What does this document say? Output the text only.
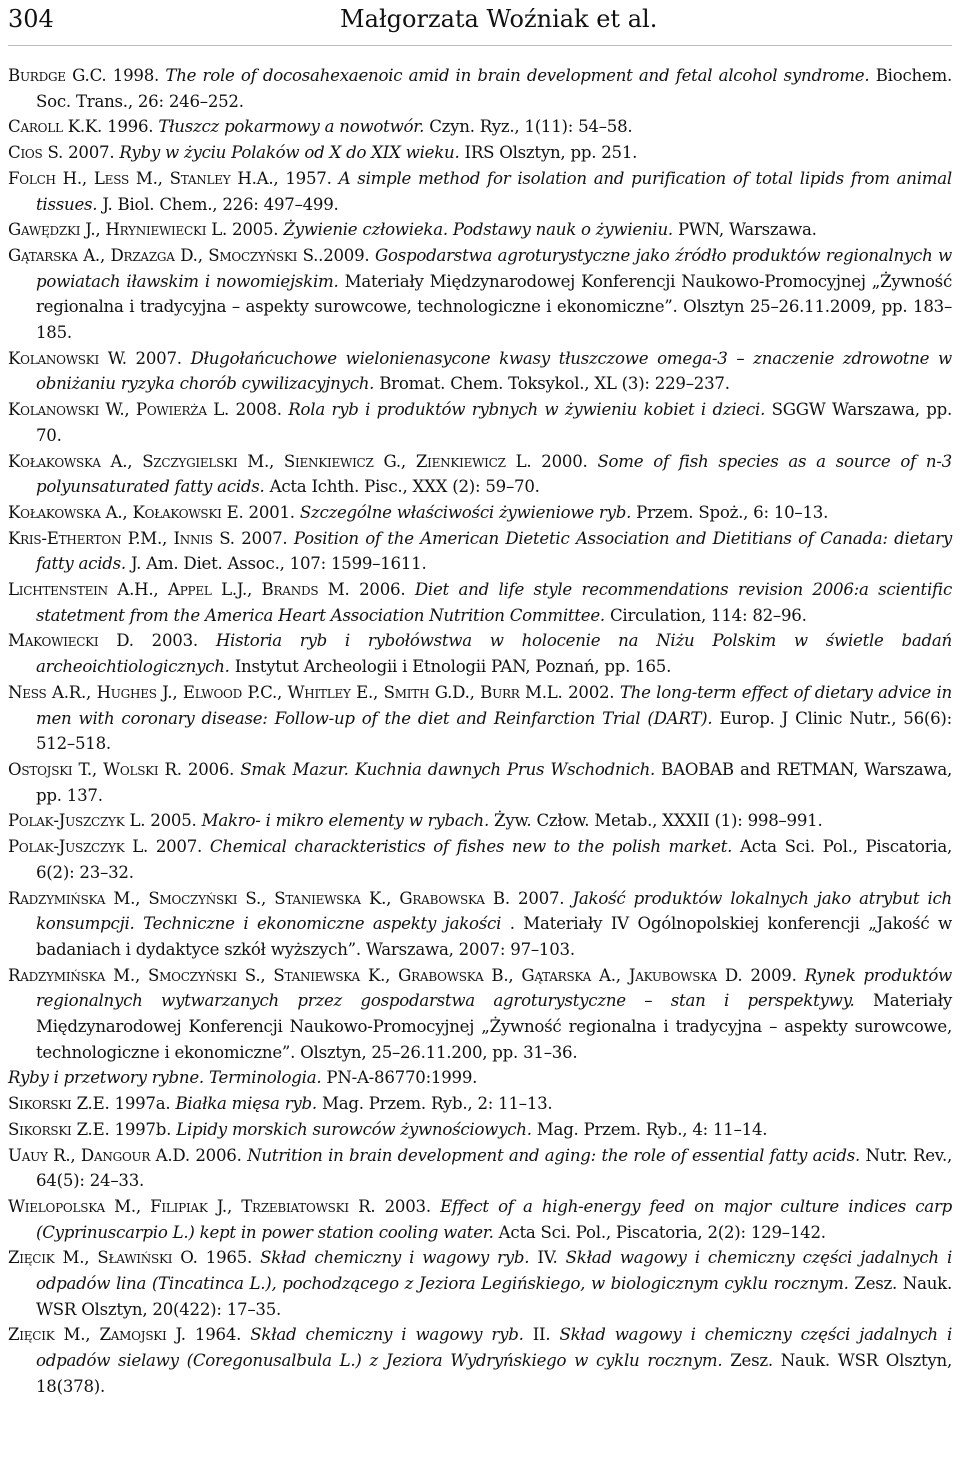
304	Małgorzata Woźniak et al.
Burdge G.C. 1998. The role of docosahexaenoic amid in brain development and fetal alcohol syndrome. Biochem. Soc. Trans., 26: 246–252.
Caroll K.K. 1996. Tłuszcz pokarmowy a nowotwór. Czyn. Ryz., 1(11): 54–58.
Cios S. 2007. Ryby w życiu Polaków od X do XIX wieku. IRS Olsztyn, pp. 251.
Folch H., Less M., Stanley H.A., 1957. A simple method for isolation and purification of total lipids from animal tissues. J. Biol. Chem., 226: 497–499.
Gawędzki J., Hryniewiecki L. 2005. Żywienie człowieka. Podstawy nauk o żywieniu. PWN, Warszawa.
Gątarska A., Drzazga D., Smoczyński S..2009. Gospodarstwa agroturystyczne jako źródło produktów regionalnych w powiatach iławskim i nowomiejskim. Materiały Międzynarodowej Konferencji Naukowo-Promocyjnej „Żywność regionalna i tradycyjna – aspekty surowcowe, technologiczne i ekonomiczne”. Olsztyn 25–26.11.2009, pp. 183–185.
Kolanowski W. 2007. Długołańcuchowe wielonienasycone kwasy tłuszczowe omega-3 – znaczenie zdrowotne w obniżaniu ryzyka chorób cywilizacyjnych. Bromat. Chem. Toksykol., XL (3): 229–237.
Kolanowski W., Powierża L. 2008. Rola ryb i produktów rybnych w żywieniu kobiet i dzieci. SGGW Warszawa, pp. 70.
Kołakowska A., Szczygielski M., Sienkiewicz G., Zienkiewicz L. 2000. Some of fish species as a source of n-3 polyunsaturated fatty acids. Acta Ichth. Pisc., XXX (2): 59–70.
Kołakowska A., Kołakowski E. 2001. Szczególne właściwości żywieniowe ryb. Przem. Spoż., 6: 10–13.
Kris-Etherton P.M., Innis S. 2007. Position of the American Dietetic Association and Dietitians of Canada: dietary fatty acids. J. Am. Diet. Assoc., 107: 1599–1611.
Lichtenstein A.H., Appel L.J., Brands M. 2006. Diet and life style recommendations revision 2006:a scientific statetment from the America Heart Association Nutrition Committee. Circulation, 114: 82–96.
Makowiecki D. 2003. Historia ryb i rybołówstwa w holocenie na Niżu Polskim w świetle badań archeoichtiologicznych. Instytut Archeologii i Etnologii PAN, Poznań, pp. 165.
Ness A.R., Hughes J., Elwood P.C., Whitley E., Smith G.D., Burr M.L. 2002. The long-term effect of dietary advice in men with coronary disease: Follow-up of the diet and Reinfarction Trial (DART). Europ. J Clinic Nutr., 56(6): 512–518.
Ostojski T., Wolski R. 2006. Smak Mazur. Kuchnia dawnych Prus Wschodnich. BAOBAB and RETMAN, Warszawa, pp. 137.
Polak-Juszczyk L. 2005. Makro- i mikro elementy w rybach. Żyw. Człow. Metab., XXXII (1): 998–991.
Polak-Juszczyk L. 2007. Chemical charackteristics of fishes new to the polish market. Acta Sci. Pol., Piscatoria, 6(2): 23–32.
Radzymińska M., Smoczyński S., Staniewska K., Grabowska B. 2007. Jakość produktów lokalnych jako atrybut ich konsumpcji. Techniczne i ekonomiczne aspekty jakości . Materiały IV Ogólnopolskiej konferencji „Jakość w badaniach i dydaktyce szkół wyższych”. Warszawa, 2007: 97–103.
Radzymińska M., Smoczyński S., Staniewska K., Grabowska B., Gątarska A., Jakubowska D. 2009. Rynek produktów regionalnych wytwarzanych przez gospodarstwa agroturystyczne – stan i perspektywy. Materiały Międzynarodowej Konferencji Naukowo-Promocyjnej „Żywność regionalna i tradycyjna – aspekty surowcowe, technologiczne i ekonomiczne”. Olsztyn, 25–26.11.200, pp. 31–36.
Ryby i przetwory rybne. Terminologia. PN-A-86770:1999.
Sikorski Z.E. 1997a. Białka mięsa ryb. Mag. Przem. Ryb., 2: 11–13.
Sikorski Z.E. 1997b. Lipidy morskich surowców żywnościowych. Mag. Przem. Ryb., 4: 11–14.
Uauy R., Dangour A.D. 2006. Nutrition in brain development and aging: the role of essential fatty acids. Nutr. Rev., 64(5): 24–33.
Wielopolska M., Filipiak J., Trzebiatowski R. 2003. Effect of a high-energy feed on major culture indices carp (Cyprinuscarpio L.) kept in power station cooling water. Acta Sci. Pol., Piscatoria, 2(2): 129–142.
Zięcik M., Sławiński O. 1965. Skład chemiczny i wagowy ryb. IV. Skład wagowy i chemiczny części jadalnych i odpadów lina (Tincatinca L.), pochodzącego z Jeziora Legińskiego, w biologicznym cyklu rocznym. Zesz. Nauk. WSR Olsztyn, 20(422): 17–35.
Zięcik M., Zamojski J. 1964. Skład chemiczny i wagowy ryb. II. Skład wagowy i chemiczny części jadalnych i odpadów sielawy (Coregonusalbula L.) z Jeziora Wydryńskiego w cyklu rocznym. Zesz. Nauk. WSR Olsztyn, 18(378).
